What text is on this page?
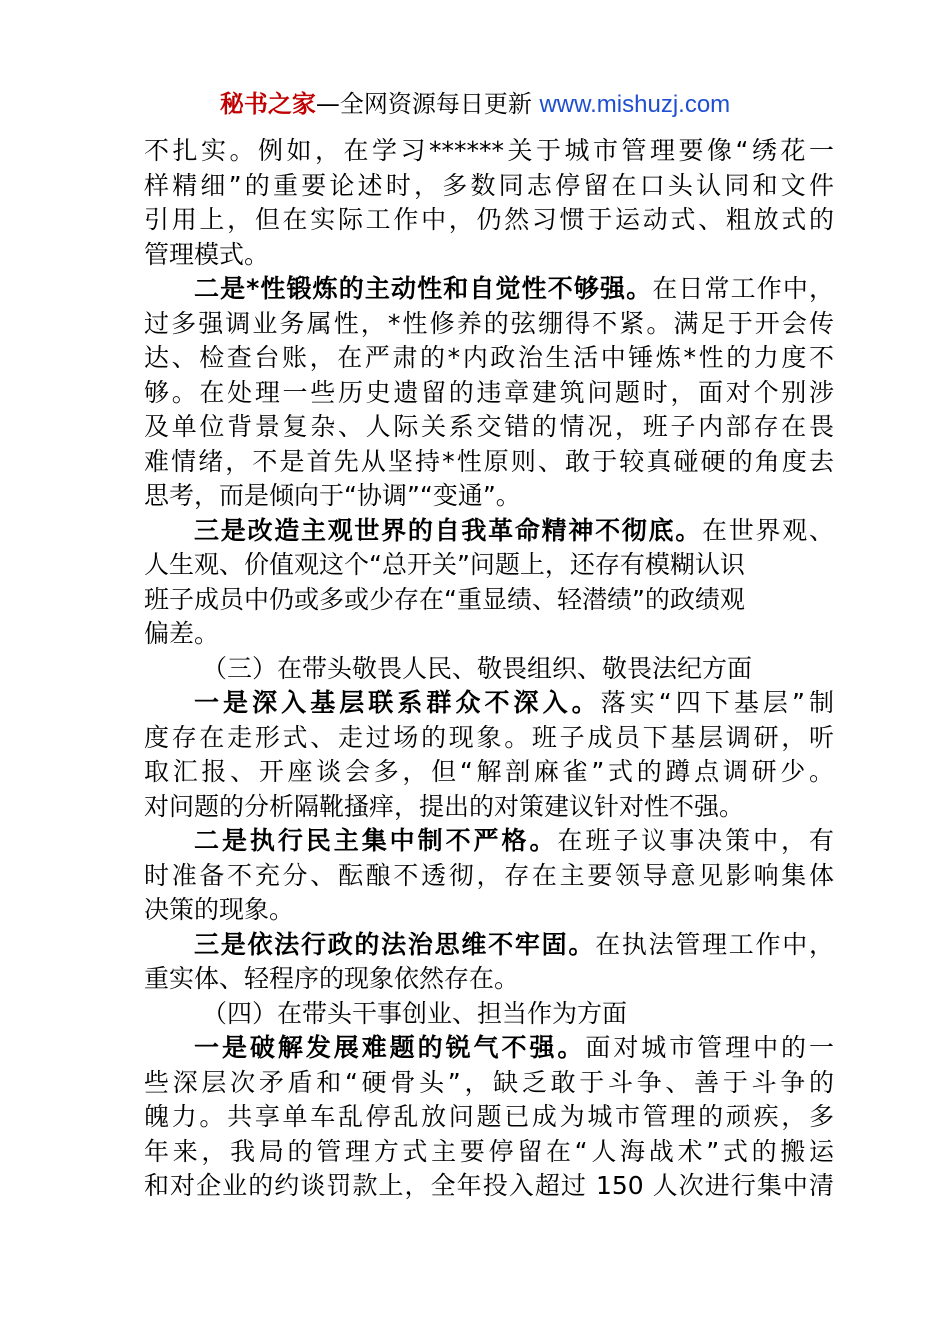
秘书之家—全网资源每日更新 www.mishuzj.com
不扎实。例如，在学习******关于城市管理要像“绣花一
样精细”的重要论述时，多数同志停留在口头认同和文件
引用上，但在实际工作中，仍然习惯于运动式、粗放式的
管理模式。
二是*性锻炼的主动性和自觉性不够强。在日常工作中，
过多强调业务属性，*性修养的弦绷得不紧。满足于开会传
达、检查台账，在严肃的*内政治生活中锤炼*性的力度不
够。在处理一些历史遗留的违章建筑问题时，面对个别涉
及单位背景复杂、人际关系交错的情况，班子内部存在畏
难情绪，不是首先从坚持*性原则、敢于较真碰硬的角度去
思考，而是倾向于“协调”“变通”。
三是改造主观世界的自我革命精神不彻底。在世界观、
人生观、价值观这个“总开关”问题上，还存有模糊认识
班子成员中仍或多或少存在“重显绩、轻潜绩”的政绩观
偏差。
（三）在带头敬畏人民、敬畏组织、敬畏法纪方面
一是深入基层联系群众不深入。落实“四下基层”制
度存在走形式、走过场的现象。班子成员下基层调研，听
取汇报、开座谈会多，但“解剖麻雀”式的蹲点调研少。
对问题的分析隔靴搔痒，提出的对策建议针对性不强。
二是执行民主集中制不严格。在班子议事决策中，有
时准备不充分、酝酿不透彻，存在主要领导意见影响集体
决策的现象。
三是依法行政的法治思维不牢固。在执法管理工作中，
重实体、轻程序的现象依然存在。
（四）在带头干事创业、担当作为方面
一是破解发展难题的锐气不强。面对城市管理中的一
些深层次矛盾和“硬骨头”，缺乏敢于斗争、善于斗争的
魄力。共享单车乱停乱放问题已成为城市管理的顽疾，多
年来，我局的管理方式主要停留在“人海战术”式的搬运
和对企业的约谈罚款上，全年投入超过 150 人次进行集中清
